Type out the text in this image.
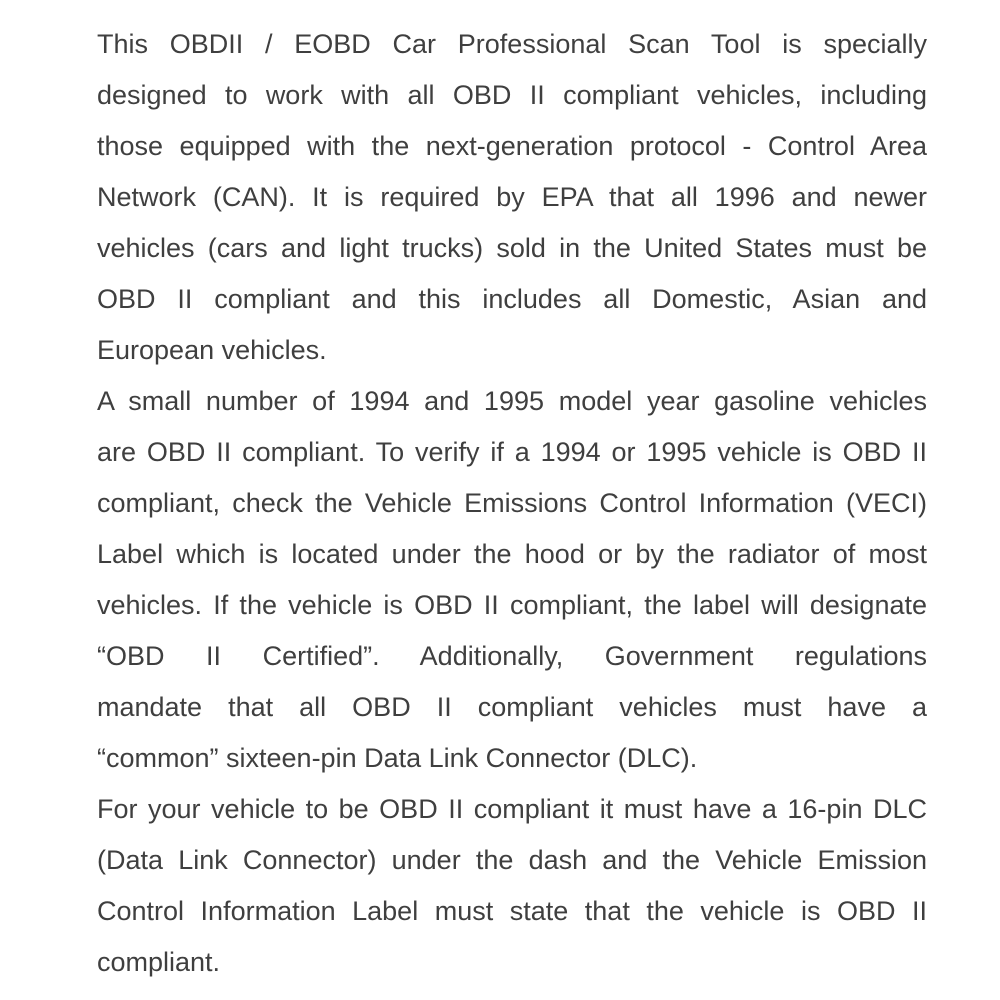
This OBDII / EOBD Car Professional Scan Tool is specially
designed to work with all OBD II compliant vehicles, including
those equipped with the next-generation protocol - Control Area
Network (CAN). It is required by EPA that all 1996 and newer
vehicles (cars and light trucks) sold in the United States must be
OBD II compliant and this includes all Domestic, Asian and
European vehicles.
A small number of 1994 and 1995 model year gasoline vehicles
are OBD II compliant. To verify if a 1994 or 1995 vehicle is OBD II
compliant, check the Vehicle Emissions Control Information (VECI)
Label which is located under the hood or by the radiator of most
vehicles. If the vehicle is OBD II compliant, the label will designate
“OBD II Certified”. Additionally, Government regulations
mandate that all OBD II compliant vehicles must have a
“common” sixteen-pin Data Link Connector (DLC).
For your vehicle to be OBD II compliant it must have a 16-pin DLC
(Data Link Connector) under the dash and the Vehicle Emission
Control Information Label must state that the vehicle is OBD II
compliant.
